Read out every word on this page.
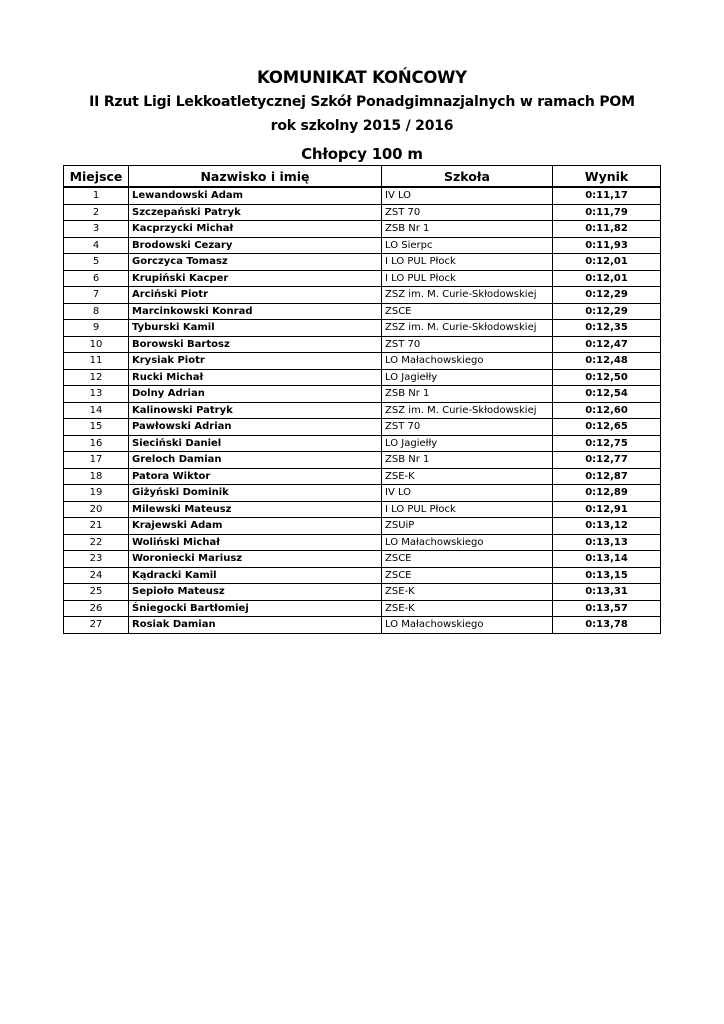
KOMUNIKAT KOŃCOWY
II Rzut Ligi Lekkoatletycznej Szkół Ponadgimnazjalnych w ramach POM
rok szkolny 2015 / 2016
Chłopcy 100 m
Miejsce	Nazwisko i imię	Szkoła	Wynik
1	Lewandowski Adam	IV LO	0:11,17
2	Szczepański Patryk	ZST 70	0:11,79
3	Kacprzycki Michał	ZSB Nr 1	0:11,82
4	Brodowski Cezary	LO Sierpc	0:11,93
5	Gorczyca Tomasz	I LO PUL Płock	0:12,01
6	Krupiński Kacper	I LO PUL Płock	0:12,01
7	Arciński Piotr	ZSZ im. M. Curie-Skłodowskiej	0:12,29
8	Marcinkowski Konrad	ZSCE	0:12,29
9	Tyburski Kamil	ZSZ im. M. Curie-Skłodowskiej	0:12,35
10	Borowski Bartosz	ZST 70	0:12,47
11	Krysiak Piotr	LO Małachowskiego	0:12,48
12	Rucki Michał	LO Jagiełły	0:12,50
13	Dolny Adrian	ZSB Nr 1	0:12,54
14	Kalinowski Patryk	ZSZ im. M. Curie-Skłodowskiej	0:12,60
15	Pawłowski Adrian	ZST 70	0:12,65
16	Sieciński Daniel	LO Jagiełły	0:12,75
17	Greloch Damian	ZSB Nr 1	0:12,77
18	Patora Wiktor	ZSE-K	0:12,87
19	Giżyński Dominik	IV LO	0:12,89
20	Milewski Mateusz	I LO PUL Płock	0:12,91
21	Krajewski Adam	ZSUiP	0:13,12
22	Woliński Michał	LO Małachowskiego	0:13,13
23	Woroniecki Mariusz	ZSCE	0:13,14
24	Kądracki Kamil	ZSCE	0:13,15
25	Sepioło Mateusz	ZSE-K	0:13,31
26	Śniegocki Bartłomiej	ZSE-K	0:13,57
27	Rosiak Damian	LO Małachowskiego	0:13,78
